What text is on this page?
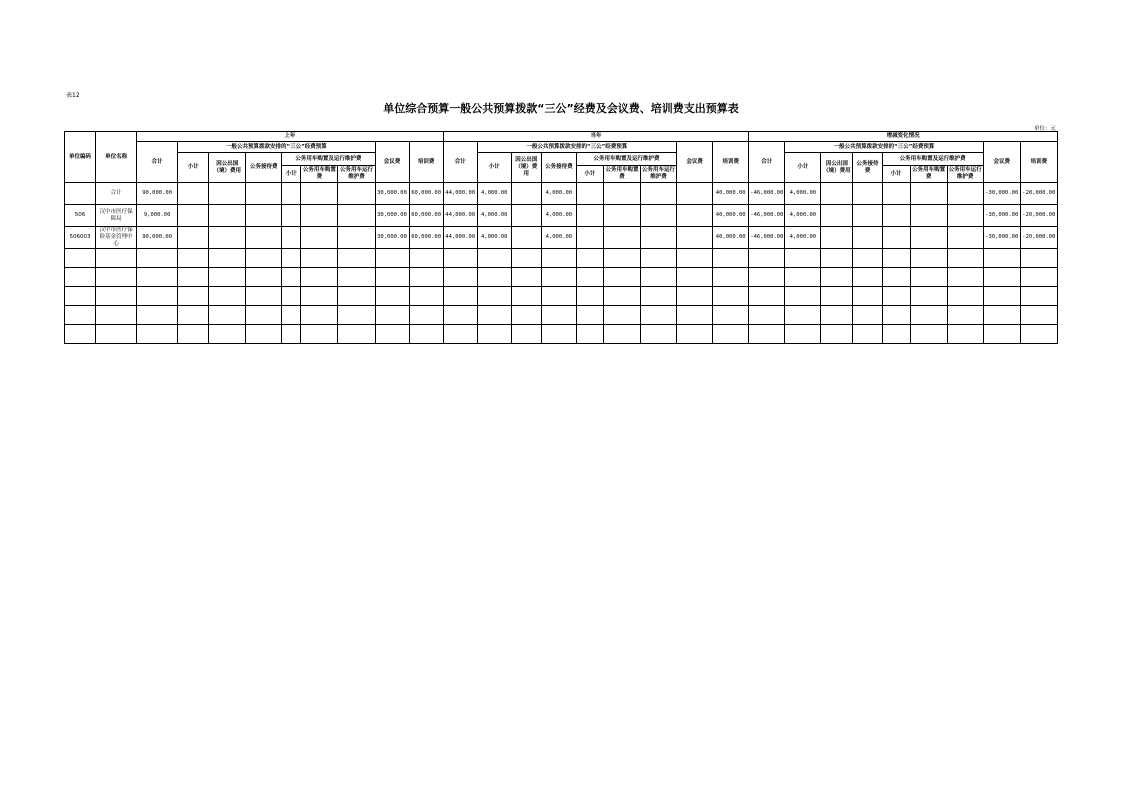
表12
单位综合预算一般公共预算拨款“三公”经费及会议费、培训费支出预算表
单位：元
单位编码	单位名称	上年									当年									增减变化情况								
		合计	一般公共预算拨款安排的“三公”经费预算						会议费	培训费	合计	一般公共预算拨款安排的“三公”经费预算						会议费	培训费	合计	一般公共预算拨款安排的“三公”经费预算						会议费	培训费
			小计	因公出国（境）费用	公务接待费	公务用车购置及运行维护费						小计	因公出国（境）费用	公务接待费	公务用车购置及运行维护费						小计	因公出国（境）费用	公务接待费	公务用车购置及运行维护费				
						小计	公务用车购置费	公务用车运行维护费							小计	公务用车购置费	公务用车运行维护费							小计	公务用车购置费	公务用车运行维护费		
	合计	90,000.00							30,000.00	60,000.00	44,000.00	4,000.00		4,000.00					40,000.00	-46,000.00	4,000.00						-30,000.00	-20,000.00
506	汉中市医疗保障局	9,000.00							30,000.00	60,000.00	44,000.00	4,000.00		4,000.00					40,000.00	-46,000.00	4,000.00						-30,000.00	-20,000.00
506003	汉中市医疗保险基金管理中心	90,000.00							30,000.00	60,000.00	44,000.00	4,000.00		4,000.00					40,000.00	-46,000.00	4,000.00						-30,000.00	-20,000.00
